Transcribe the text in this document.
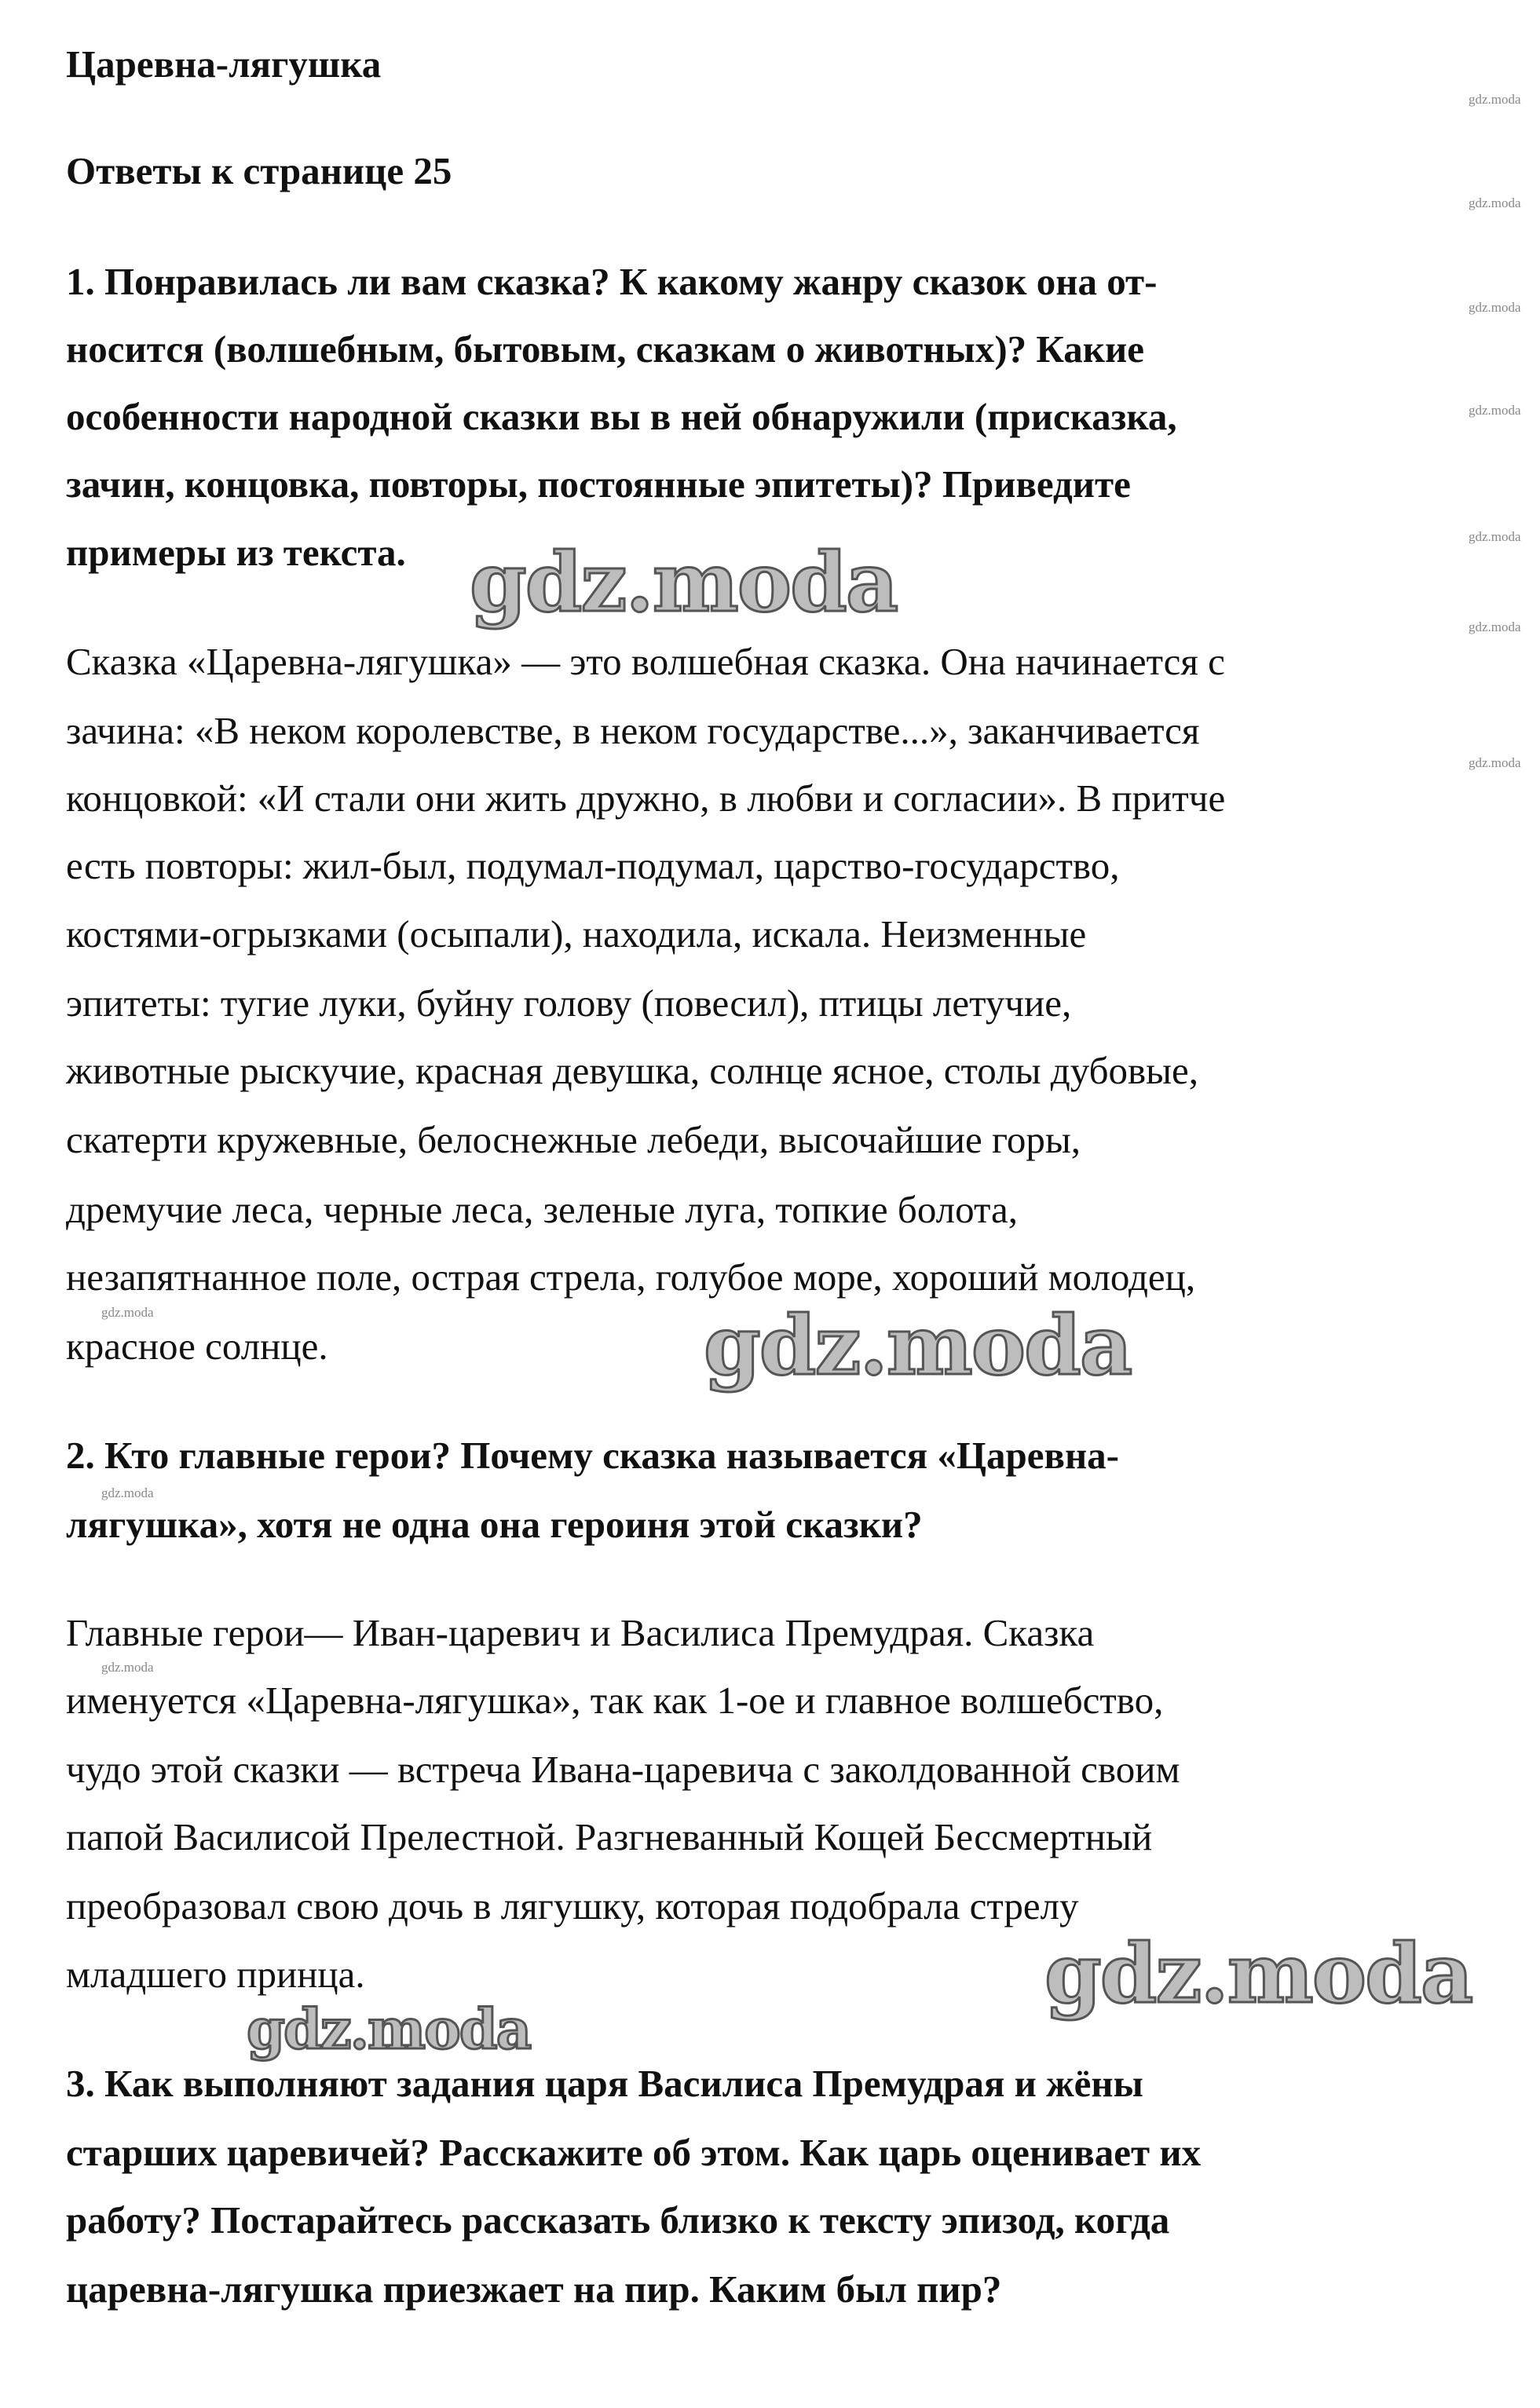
Царевна-лягушка
Ответы к странице 25
1. Понравилась ли вам сказка? К какому жанру сказок она от-
носится (волшебным, бытовым, сказкам о животных)? Какие
особенности народной сказки вы в ней обнаружили (присказка,
зачин, концовка, повторы, постоянные эпитеты)? Приведите
примеры из текста.
Сказка «Царевна-лягушка» — это волшебная сказка. Она начинается с
зачина: «В неком королевстве, в неком государстве...», заканчивается
концовкой: «И стали они жить дружно, в любви и согласии». В притче
есть повторы: жил-был, подумал-подумал, царство-государство,
костями-огрызками (осыпали), находила, искала. Неизменные
эпитеты: тугие луки, буйну голову (повесил), птицы летучие,
животные рыскучие, красная девушка, солнце ясное, столы дубовые,
скатерти кружевные, белоснежные лебеди, высочайшие горы,
дремучие леса, черные леса, зеленые луга, топкие болота,
незапятнанное поле, острая стрела, голубое море, хороший молодец,
красное солнце.
2. Кто главные герои? Почему сказка называется «Царевна-
лягушка», хотя не одна она героиня этой сказки?
Главные герои— Иван-царевич и Василиса Премудрая. Сказка
именуется «Царевна-лягушка», так как 1-ое и главное волшебство,
чудо этой сказки — встреча Ивана-царевича с заколдованной своим
папой Василисой Прелестной. Разгневанный Кощей Бессмертный
преобразовал свою дочь в лягушку, которая подобрала стрелу
младшего принца.
3. Как выполняют задания царя Василиса Премудрая и жёны
старших царевичей? Расскажите об этом. Как царь оценивает их
работу? Постарайтесь рассказать близко к тексту эпизод, когда
царевна-лягушка приезжает на пир. Каким был пир?
gdz.moda
gdz.moda
gdz.moda
gdz.moda
gdz.moda
gdz.moda
gdz.moda
gdz.moda
gdz.moda
gdz.moda
gdz.moda
gdz.moda
gdz.moda
gdz.moda
